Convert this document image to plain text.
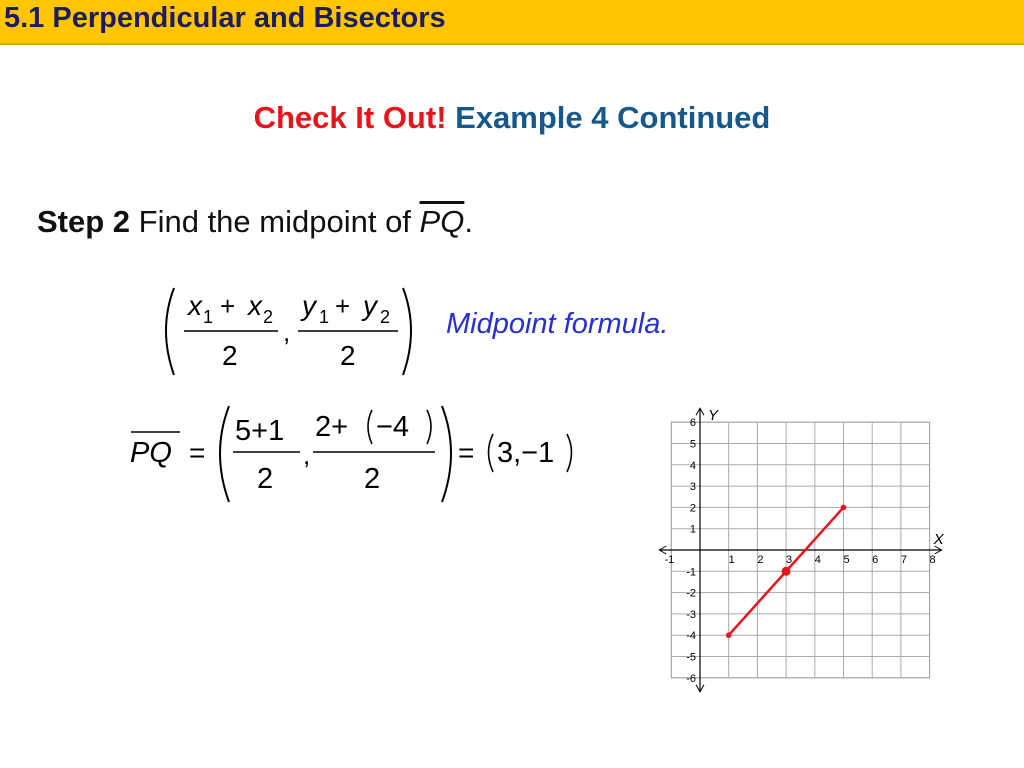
5.1 Perpendicular and Bisectors
Check It Out! Example 4 Continued
Step 2 Find the midpoint of $\overline{PQ}$.
x 1 + x 2
2
,
y 1 + y 2
2
Midpoint formula.
PQ =
5+1
2
,
2+ −4
2
= 3,−1
-1	1 2 3 4 5 6 7 8
6
5
4
3
2
1
-1
-2
-3
-4
-5
-6
X
Y
